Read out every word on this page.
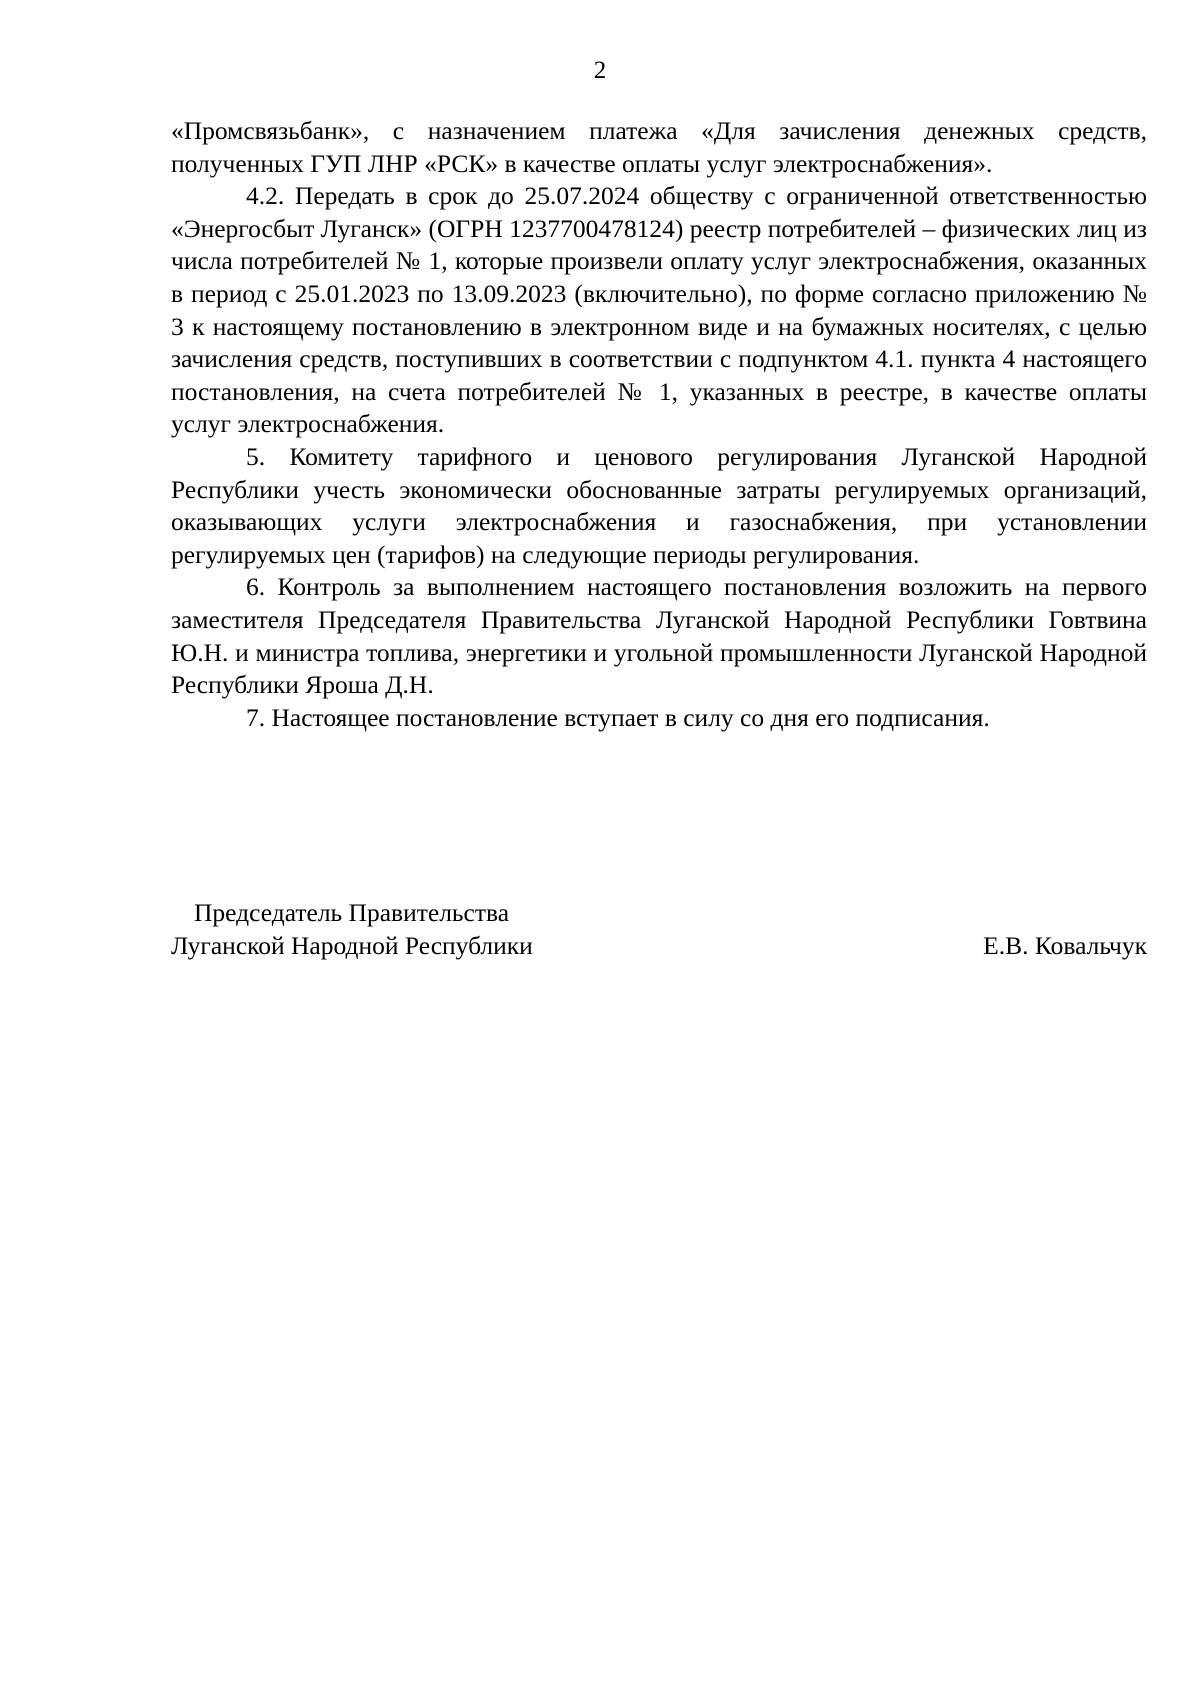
2

«Промсвязьбанк», с назначением платежа «Для зачисления денежных средств, полученных ГУП ЛНР «РСК» в качестве оплаты услуг электроснабжения».

4.2. Передать в срок до 25.07.2024 обществу с ограниченной ответственностью «Энергосбыт Луганск» (ОГРН 1237700478124) реестр потребителей – физических лиц из числа потребителей № 1, которые произвели оплату услуг электроснабжения, оказанных в период с 25.01.2023 по 13.09.2023 (включительно), по форме согласно приложению № 3 к настоящему постановлению в электронном виде и на бумажных носителях, с целью зачисления средств, поступивших в соответствии с подпунктом 4.1. пункта 4 настоящего постановления, на счета потребителей № 1, указанных в реестре, в качестве оплаты услуг электроснабжения.

5. Комитету тарифного и ценового регулирования Луганской Народной Республики учесть экономически обоснованные затраты регулируемых организаций, оказывающих услуги электроснабжения и газоснабжения, при установлении регулируемых цен (тарифов) на следующие периоды регулирования.

6. Контроль за выполнением настоящего постановления возложить на первого заместителя Председателя Правительства Луганской Народной Республики Говтвина Ю.Н. и министра топлива, энергетики и угольной промышленности Луганской Народной Республики Яроша Д.Н.

7. Настоящее постановление вступает в силу со дня его подписания.

Председатель Правительства
Луганской Народной Республики	Е.В. Ковальчук
